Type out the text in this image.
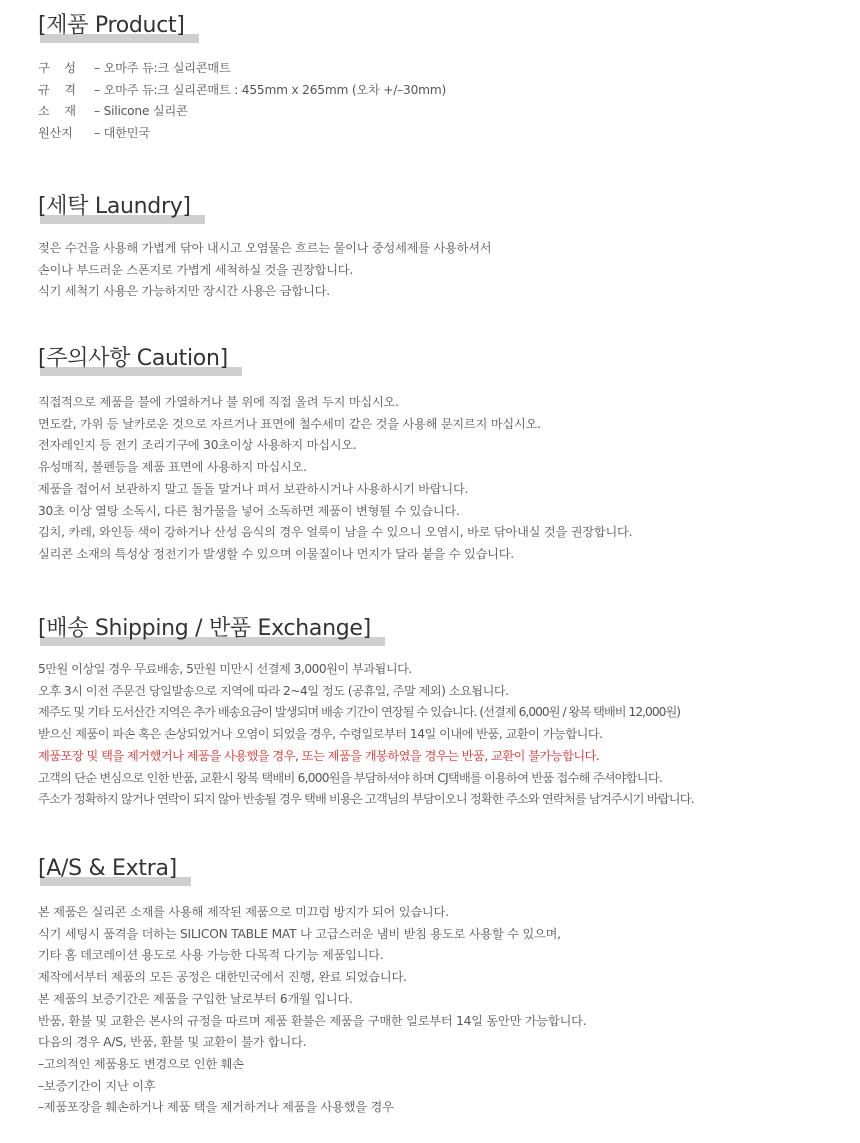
[제품 Product]
구    성	– 오마주 듀:크 실리콘매트
규    격	– 오마주 듀:크 실리콘매트 : 455mm x 265mm (오차 +/–30mm)
소    재	– Silicone 실리콘
원산지	– 대한민국
[세탁 Laundry]
젖은 수건을 사용해 가볍게 닦아 내시고 오염물은 흐르는 물이나 중성세제를 사용하셔서
손이나 부드러운 스폰지로 가볍게 세척하실 것을 권장합니다.
식기 세척기 사용은 가능하지만 장시간 사용은 금합니다.
[주의사항 Caution]
직접적으로 제품을 불에 가열하거나 불 위에 직접 올려 두지 마십시오.
면도칼, 가위 등 날카로운 것으로 자르거나 표면에 철수세미 같은 것을 사용해 문지르지 마십시오.
전자레인지 등 전기 조리기구에 30초이상 사용하지 마십시오.
유성매직, 볼펜등을 제품 표면에 사용하지 마십시오.
제품을 접어서 보관하지 말고 돌돌 말거나 펴서 보관하시거나 사용하시기 바랍니다.
30초 이상 열탕 소독시, 다른 첨가물을 넣어 소독하면 제품이 변형될 수 있습니다.
김치, 카레, 와인등 색이 강하거나 산성 음식의 경우 얼룩이 남을 수 있으니 오염시, 바로 닦아내실 것을 권장합니다.
실리콘 소재의 특성상 정전기가 발생할 수 있으며 이물질이나 먼지가 달라 붙을 수 있습니다.
[배송 Shipping / 반품 Exchange]
5만원 이상일 경우 무료배송, 5만원 미만시 선결제 3,000원이 부과됩니다.
오후 3시 이전 주문건 당일발송으로 지역에 따라 2~4일 정도 (공휴일, 주말 제외) 소요됩니다.
제주도 및 기타 도서산간 지역은 추가 배송요금이 발생되며 배송 기간이 연장될 수 있습니다. (선결제 6,000원 / 왕복 택배비 12,000원)
받으신 제품이 파손 혹은 손상되었거나 오염이 되었을 경우, 수령일로부터 14일 이내에 반품, 교환이 가능합니다.
제품포장 및 택을 제거했거나 제품을 사용했을 경우, 또는 제품을 개봉하였을 경우는 반품, 교환이 불가능합니다.
고객의 단순 변심으로 인한 반품, 교환시 왕복 택배비 6,000원을 부담하셔야 하며 CJ택배를 이용하여 반품 접수해 주셔야합니다.
주소가 정확하지 않거나 연락이 되지 않아 반송될 경우 택배 비용은 고객님의 부담이오니 정확한 주소와 연락처를 남겨주시기 바랍니다.
[A/S & Extra]
본 제품은 실리콘 소재를 사용해 제작된 제품으로 미끄럼 방지가 되어 있습니다.
식기 세팅시 품격을 더하는 SILICON TABLE MAT 나 고급스러운 냄비 받침 용도로 사용할 수 있으며,
기타 홈 데코레이션 용도로 사용 가능한 다목적 다기능 제품입니다.
제작에서부터 제품의 모든 공정은 대한민국에서 진행, 완료 되었습니다.
본 제품의 보증기간은 제품을 구입한 날로부터 6개월 입니다.
반품, 환불 및 교환은 본사의 규정을 따르며 제품 환불은 제품을 구매한 일로부터 14일 동안만 가능합니다.
다음의 경우 A/S, 반품, 환불 및 교환이 불가 합니다.
–고의적인 제품용도 변경으로 인한 훼손
–보증기간이 지난 이후
–제품포장을 훼손하거나 제품 택을 제거하거나 제품을 사용했을 경우
